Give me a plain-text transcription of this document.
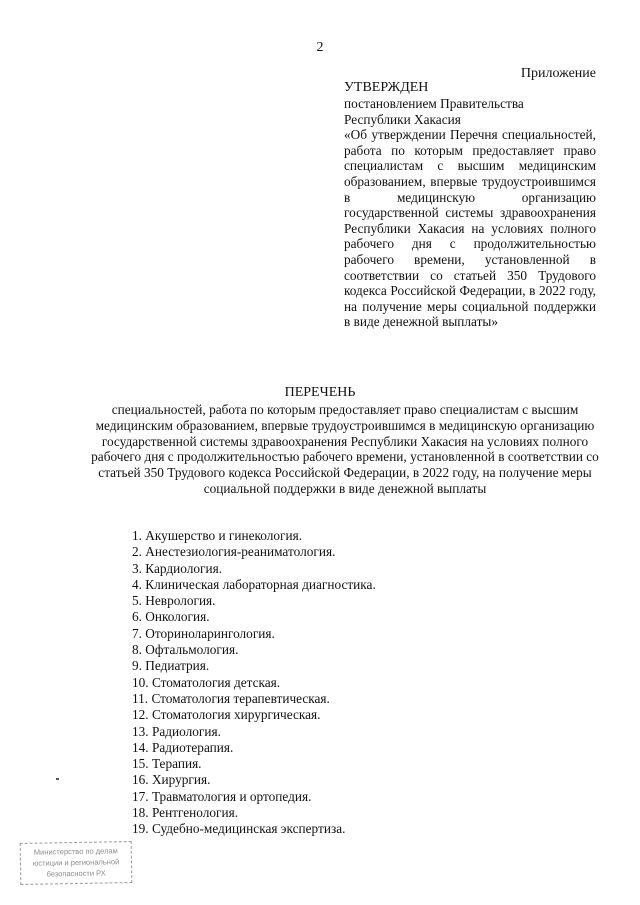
2
Приложение
УТВЕРЖДЕН
постановлением Правительства
Республики Хакасия
«Об утверждении Перечня специальностей, работа по которым предоставляет право специалистам с высшим медицинским образованием, впервые трудоустроившимся в медицинскую организацию государственной системы здравоохранения Республики Хакасия на условиях полного рабочего дня с продолжительностью рабочего времени, установленной в соответствии со статьей 350 Трудового кодекса Российской Федерации, в 2022 году, на получение меры социальной поддержки в виде денежной выплаты»
ПЕРЕЧЕНЬ
специальностей, работа по которым предоставляет право специалистам с высшим медицинским образованием, впервые трудоустроившимся в медицинскую организацию государственной системы здравоохранения Республики Хакасия на условиях полного рабочего дня с продолжительностью рабочего времени, установленной в соответствии со статьей 350 Трудового кодекса Российской Федерации, в 2022 году, на получение меры социальной поддержки в виде денежной выплаты
1. Акушерство и гинекология.
2. Анестезиология-реаниматология.
3. Кардиология.
4. Клиническая лабораторная диагностика.
5. Неврология.
6. Онкология.
7. Оториноларингология.
8. Офтальмология.
9. Педиатрия.
10. Стоматология детская.
11. Стоматология терапевтическая.
12. Стоматология хирургическая.
13. Радиология.
14. Радиотерапия.
15. Терапия.
16. Хирургия.
17. Травматология и ортопедия.
18. Рентгенология.
19. Судебно-медицинская экспертиза.
Министерство по делам
юстиции и региональной
безопасности РХ
